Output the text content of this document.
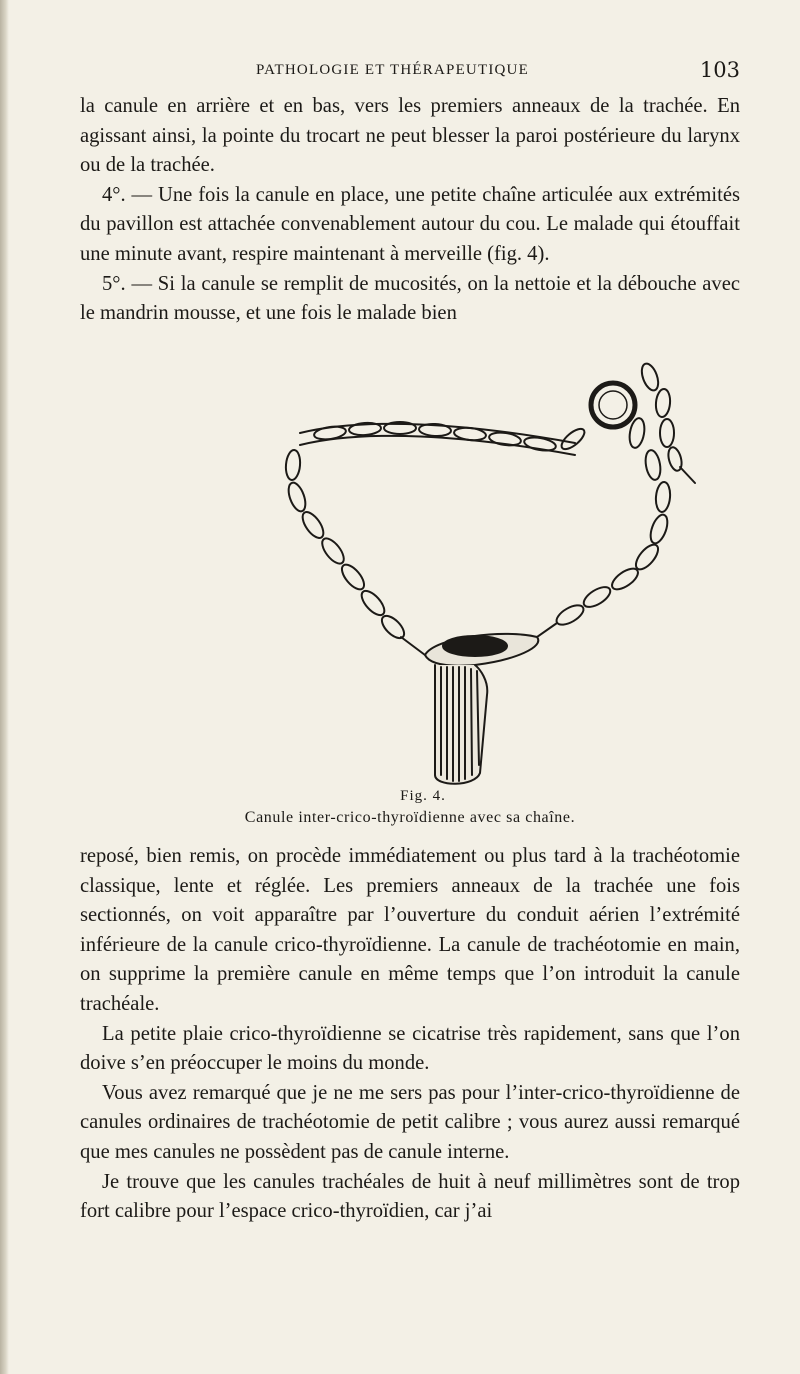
PATHOLOGIE ET THÉRAPEUTIQUE	103

la canule en arrière et en bas, vers les premiers anneaux de la trachée. En agissant ainsi, la pointe du trocart ne peut blesser la paroi postérieure du larynx ou de la trachée.

4°. — Une fois la canule en place, une petite chaîne articulée aux extrémités du pavillon est attachée convenablement autour du cou. Le malade qui étouffait une minute avant, respire maintenant à merveille (fig. 4).

5°. — Si la canule se remplit de mucosités, on la nettoie et la débouche avec le mandrin mousse, et une fois le malade bien

Fig. 4.
Canule inter-crico-thyroïdienne avec sa chaîne.

reposé, bien remis, on procède immédiatement ou plus tard à la trachéotomie classique, lente et réglée. Les premiers anneaux de la trachée une fois sectionnés, on voit apparaître par l’ouverture du conduit aérien l’extrémité inférieure de la canule crico-thyroïdienne. La canule de trachéotomie en main, on supprime la première canule en même temps que l’on introduit la canule trachéale.

La petite plaie crico-thyroïdienne se cicatrise très rapidement, sans que l’on doive s’en préoccuper le moins du monde.

Vous avez remarqué que je ne me sers pas pour l’inter-crico-thyroïdienne de canules ordinaires de trachéotomie de petit calibre ; vous aurez aussi remarqué que mes canules ne possèdent pas de canule interne.

Je trouve que les canules trachéales de huit à neuf millimètres sont de trop fort calibre pour l’espace crico-thyroïdien, car j’ai
